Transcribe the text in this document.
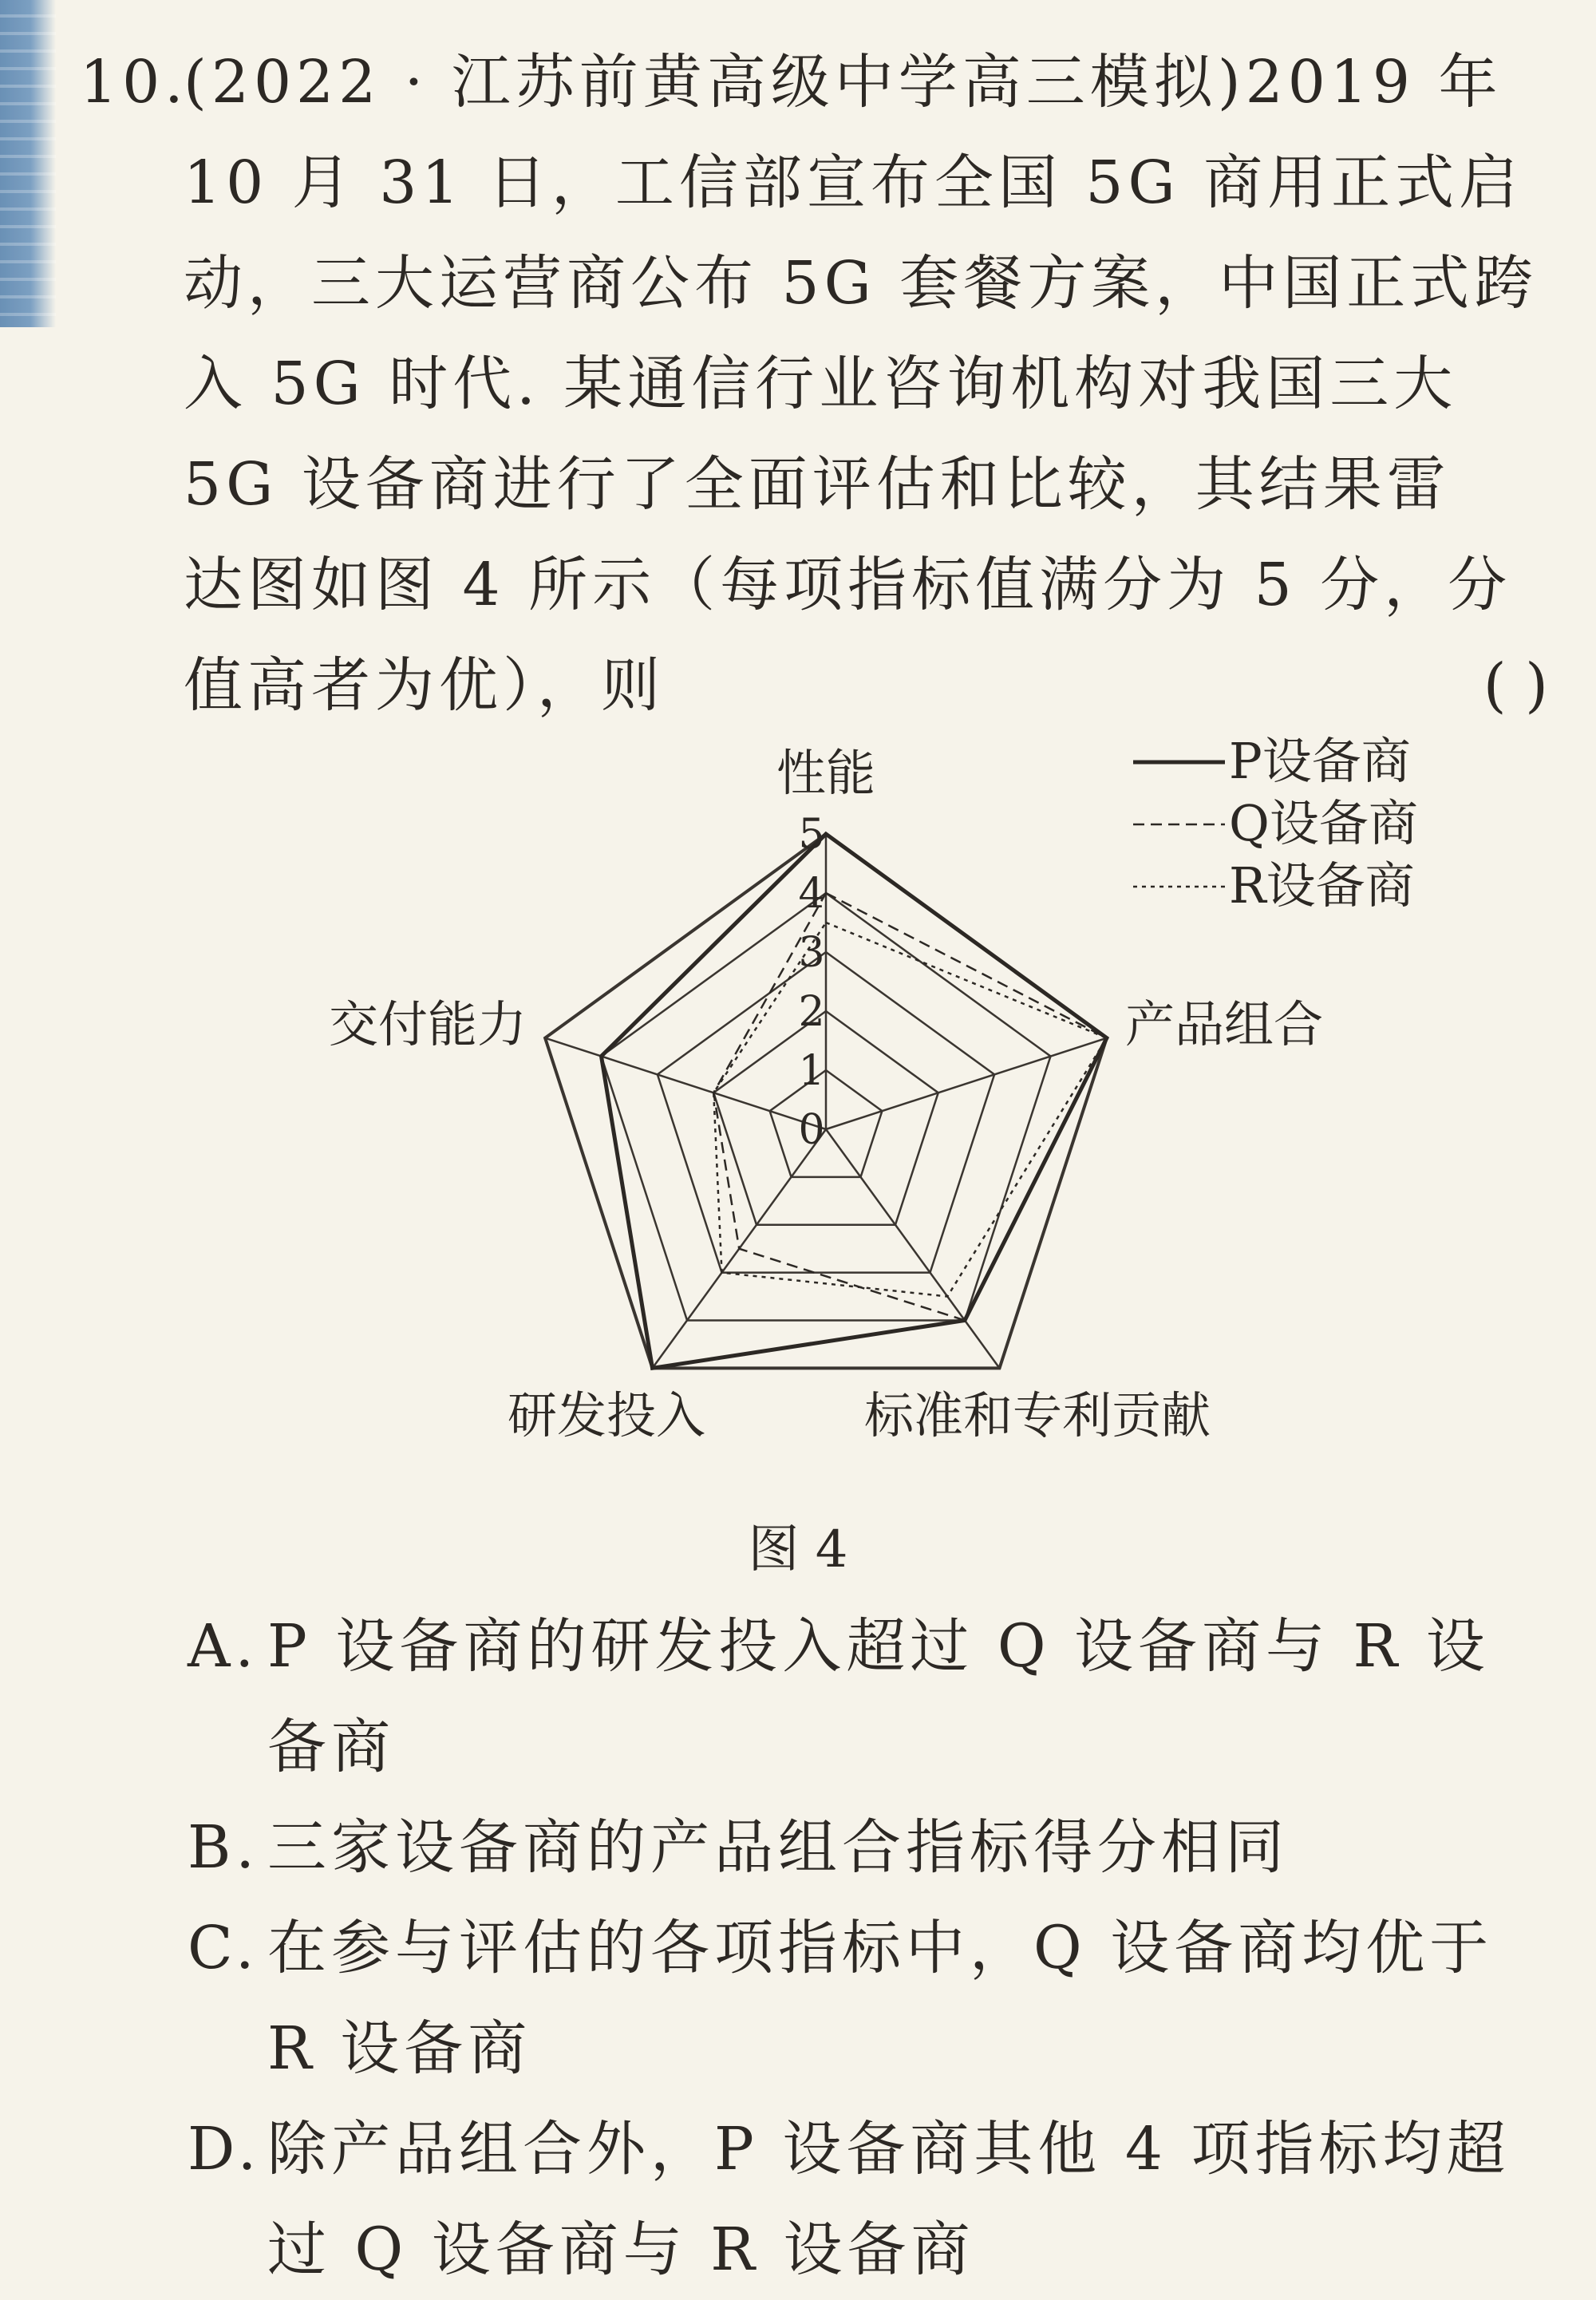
10.(2022 · 江苏前黄高级中学高三模拟)2019 年
10 月 31 日，工信部宣布全国 5G 商用正式启
动，三大运营商公布 5G 套餐方案，中国正式跨
入 5G 时代. 某通信行业咨询机构对我国三大
5G 设备商进行了全面评估和比较，其结果雷
达图如图 4 所示（每项指标值满分为 5 分，分
值高者为优），则	( )
0
1
2
3
4
5
性能
产品组合
标准和专利贡献
研发投入
交付能力
P设备商
Q设备商
R设备商
图 4
A. P 设备商的研发投入超过 Q 设备商与 R 设
备商
B. 三家设备商的产品组合指标得分相同
C. 在参与评估的各项指标中，Q 设备商均优于
R 设备商
D. 除产品组合外，P 设备商其他 4 项指标均超
过 Q 设备商与 R 设备商
